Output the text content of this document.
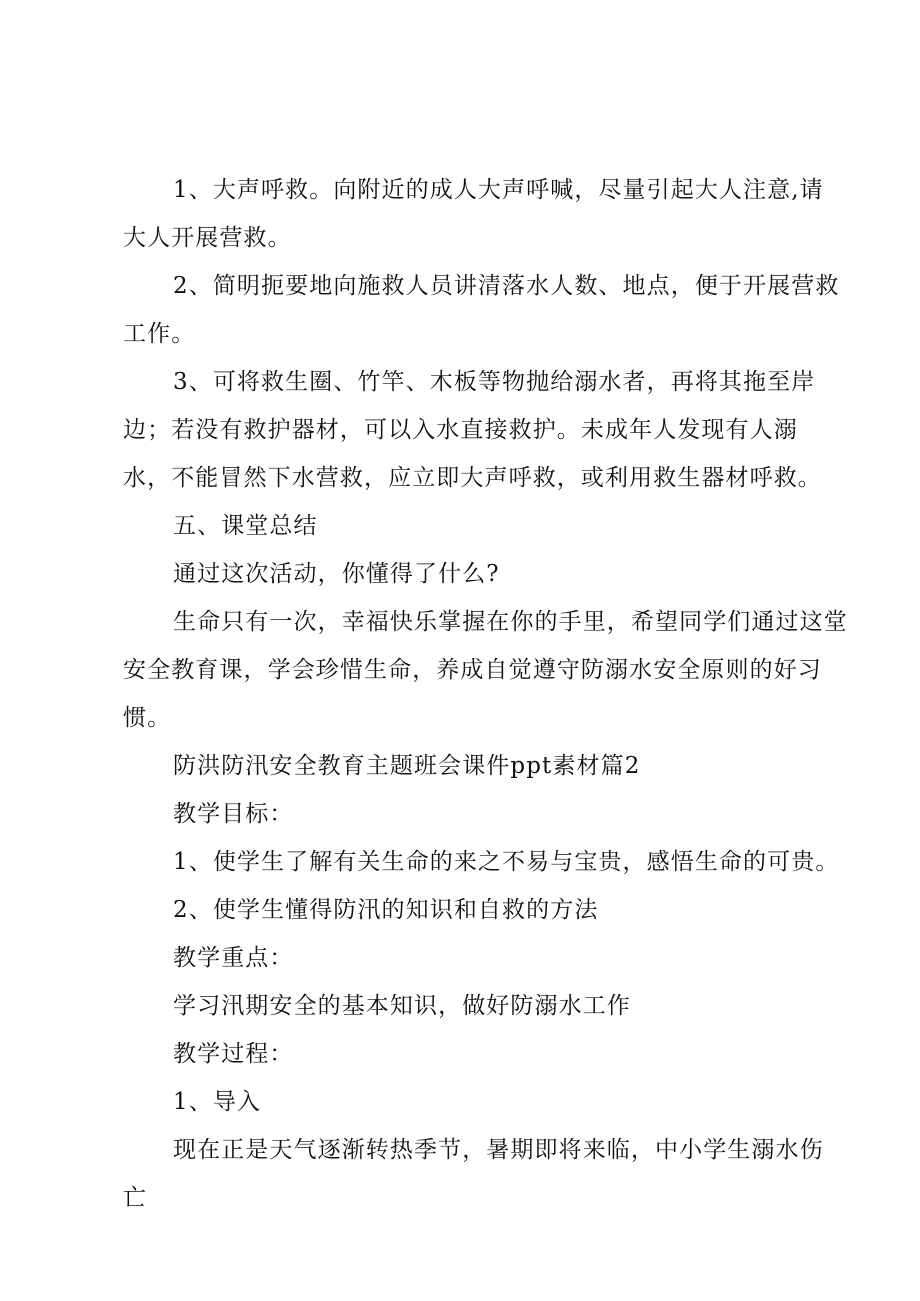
1、大声呼救。向附近的成人大声呼喊，尽量引起大人注意,请大人开展营救。

2、简明扼要地向施救人员讲清落水人数、地点，便于开展营救工作。

3、可将救生圈、竹竿、木板等物抛给溺水者，再将其拖至岸边；若没有救护器材，可以入水直接救护。未成年人发现有人溺水，不能冒然下水营救，应立即大声呼救，或利用救生器材呼救。

五、课堂总结

通过这次活动，你懂得了什么?

生命只有一次，幸福快乐掌握在你的手里，希望同学们通过这堂安全教育课，学会珍惜生命，养成自觉遵守防溺水安全原则的好习惯。

防洪防汛安全教育主题班会课件ppt素材篇2

教学目标：

1、使学生了解有关生命的来之不易与宝贵，感悟生命的可贵。

2、使学生懂得防汛的知识和自救的方法

教学重点：

学习汛期安全的基本知识，做好防溺水工作

教学过程：

1、导入

现在正是天气逐渐转热季节，暑期即将来临，中小学生溺水伤亡
